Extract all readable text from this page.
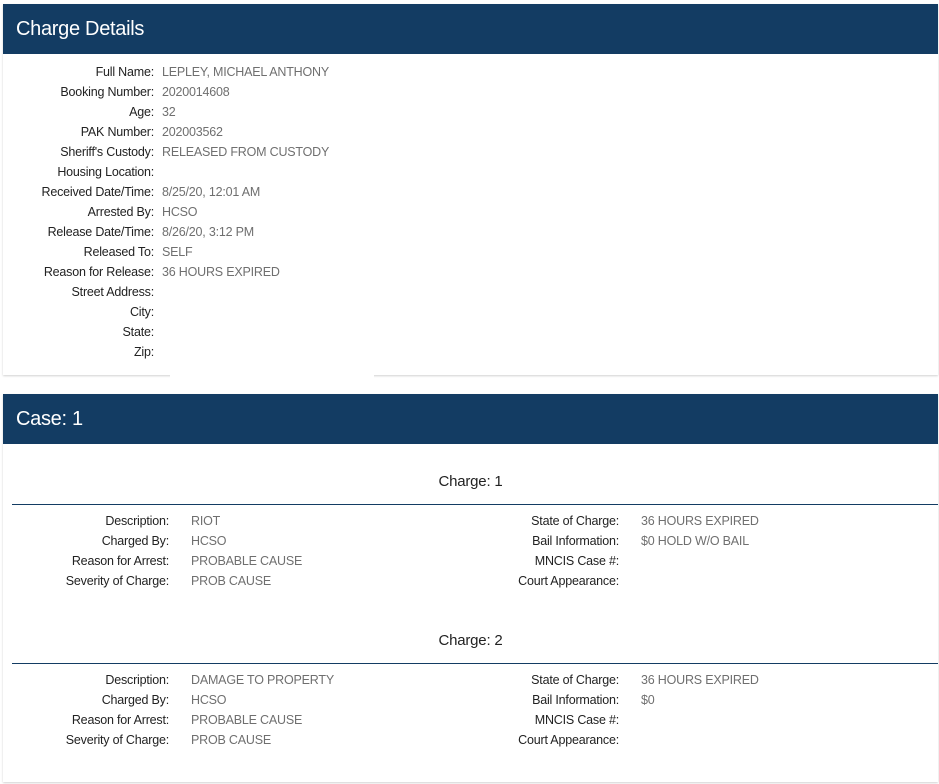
Charge Details
Full Name: LEPLEY, MICHAEL ANTHONY
Booking Number: 2020014608
Age: 32
PAK Number: 202003562
Sheriff's Custody: RELEASED FROM CUSTODY
Housing Location:
Received Date/Time: 8/25/20, 12:01 AM
Arrested By: HCSO
Release Date/Time: 8/26/20, 3:12 PM
Released To: SELF
Reason for Release: 36 HOURS EXPIRED
Street Address:
City:
State:
Zip:
Case: 1
Charge: 1
Description: RIOT
Charged By: HCSO
Reason for Arrest: PROBABLE CAUSE
Severity of Charge: PROB CAUSE
State of Charge: 36 HOURS EXPIRED
Bail Information: $0 HOLD W/O BAIL
MNCIS Case #:
Court Appearance:
Charge: 2
Description: DAMAGE TO PROPERTY
Charged By: HCSO
Reason for Arrest: PROBABLE CAUSE
Severity of Charge: PROB CAUSE
State of Charge: 36 HOURS EXPIRED
Bail Information: $0
MNCIS Case #:
Court Appearance:
